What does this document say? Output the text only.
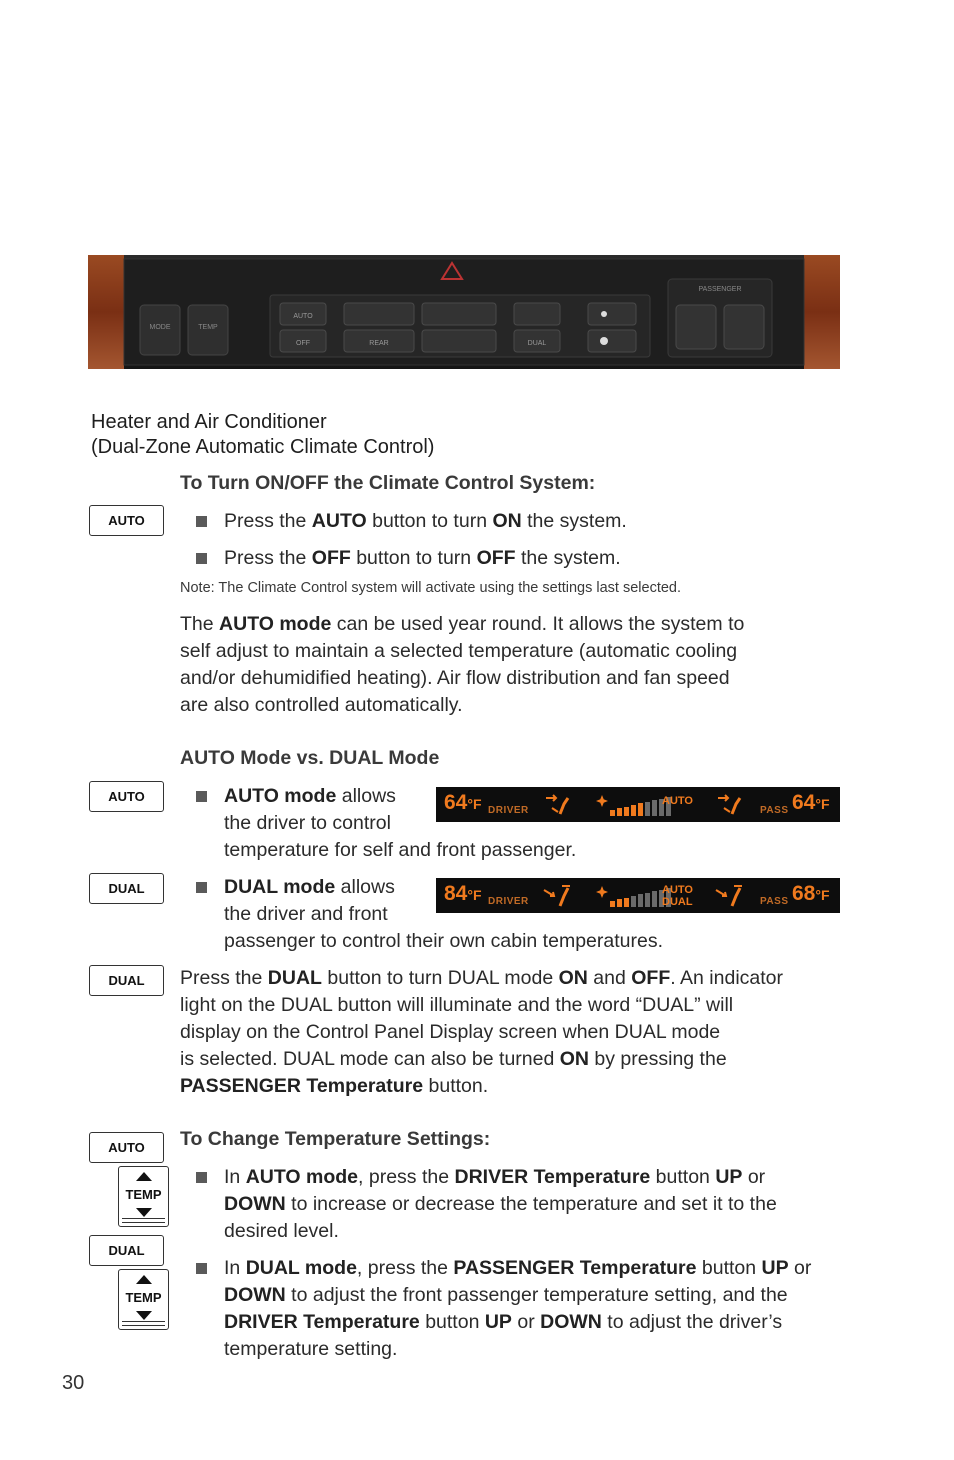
MODE	TEMP
AUTO
OFF	REAR	DUAL
PASSENGER
Heater and Air Conditioner
(Dual-Zone Automatic Climate Control)
To Turn ON/OFF the Climate Control System:
AUTO	Press the AUTO button to turn ON the system.
Press the OFF button to turn OFF the system.
Note: The Climate Control system will activate using the settings last selected.
The AUTO mode can be used year round. It allows the system to
self adjust to maintain a selected temperature (automatic cooling
and/or dehumidified heating). Air flow distribution and fan speed
are also controlled automatically.
AUTO Mode vs. DUAL Mode
AUTO	AUTO mode allows
the driver to control
temperature for self and front passenger.
64°F DRIVER
AUTO
PASS 64°F
DUAL	DUAL mode allows
the driver and front
passenger to control their own cabin temperatures.
84°F DRIVER
AUTO
DUAL	PASS 68°F
DUAL	Press the DUAL button to turn DUAL mode ON and OFF. An indicator
light on the DUAL button will illuminate and the word “DUAL” will
display on the Control Panel Display screen when DUAL mode
is selected. DUAL mode can also be turned ON by pressing the
PASSENGER Temperature button.
To Change Temperature Settings:
AUTO
TEMP
DUAL
TEMP
In AUTO mode, press the DRIVER Temperature button UP or
DOWN to increase or decrease the temperature and set it to the
desired level.
In DUAL mode, press the PASSENGER Temperature button UP or
DOWN to adjust the front passenger temperature setting, and the
DRIVER Temperature button UP or DOWN to adjust the driver’s
temperature setting.
30
